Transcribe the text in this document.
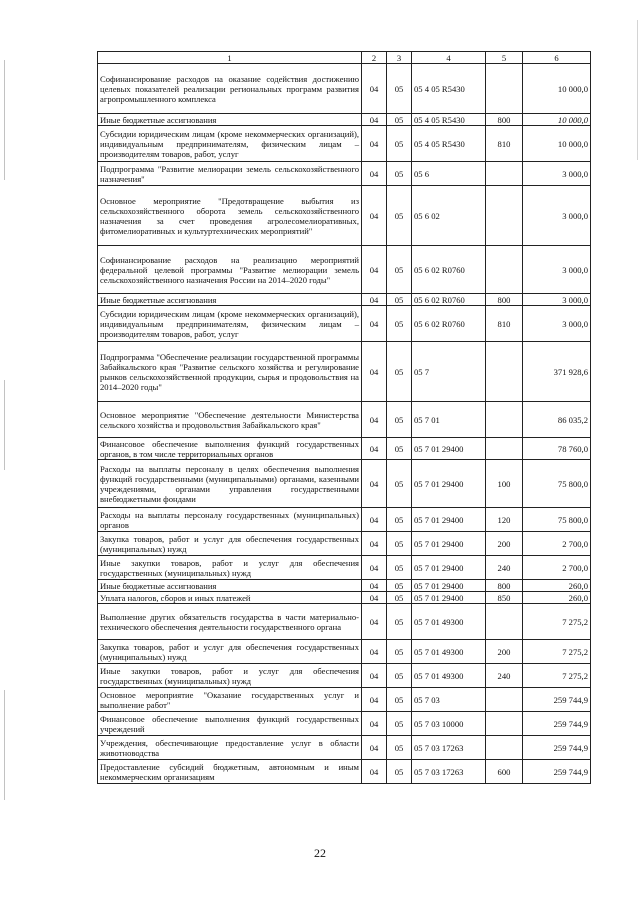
1	2	3	4	5	6
Софинансирование расходов на оказание содействия достижению целевых показателей реализации региональных программ развития агропромышленного комплекса	04	05	05 4 05 R5430		10 000,0
Иные бюджетные ассигнования	04	05	05 4 05 R5430	800	10 000,0
Субсидии юридическим лицам (кроме некоммерческих организаций), индивидуальным предпринимателям, физическим лицам – производителям товаров, работ, услуг	04	05	05 4 05 R5430	810	10 000,0
Подпрограмма "Развитие мелиорации земель сельскохозяйственного назначения"	04	05	05 6		3 000,0
Основное мероприятие "Предотвращение выбытия из сельскохозяйственного оборота земель сельскохозяйственного назначения за счет проведения агролесомелиоративных, фитомелиоративных и культуртехнических мероприятий"	04	05	05 6 02		3 000,0
Софинансирование расходов на реализацию мероприятий федеральной целевой программы "Развитие мелиорации земель сельскохозяйственного назначения России на 2014–2020 годы"	04	05	05 6 02 R0760		3 000,0
Иные бюджетные ассигнования	04	05	05 6 02 R0760	800	3 000,0
Субсидии юридическим лицам (кроме некоммерческих организаций), индивидуальным предпринимателям, физическим лицам – производителям товаров, работ, услуг	04	05	05 6 02 R0760	810	3 000,0
Подпрограмма "Обеспечение реализации государственной программы Забайкальского края "Развитие сельского хозяйства и регулирование рынков сельскохозяйственной продукции, сырья и продовольствия на 2014–2020 годы"	04	05	05 7		371 928,6
Основное мероприятие "Обеспечение деятельности Министерства сельского хозяйства и продовольствия Забайкальского края"	04	05	05 7 01		86 035,2
Финансовое обеспечение выполнения функций государственных органов, в том числе территориальных органов	04	05	05 7 01 29400		78 760,0
Расходы на выплаты персоналу в целях обеспечения выполнения функций государственными (муниципальными) органами, казенными учреждениями, органами управления государственными внебюджетными фондами	04	05	05 7 01 29400	100	75 800,0
Расходы на выплаты персоналу государственных (муниципальных) органов	04	05	05 7 01 29400	120	75 800,0
Закупка товаров, работ и услуг для обеспечения государственных (муниципальных) нужд	04	05	05 7 01 29400	200	2 700,0
Иные закупки товаров, работ и услуг для обеспечения государственных (муниципальных) нужд	04	05	05 7 01 29400	240	2 700,0
Иные бюджетные ассигнования	04	05	05 7 01 29400	800	260,0
Уплата налогов, сборов и иных платежей	04	05	05 7 01 29400	850	260,0
Выполнение других обязательств государства в части материально-технического обеспечения деятельности государственного органа	04	05	05 7 01 49300		7 275,2
Закупка товаров, работ и услуг для обеспечения государственных (муниципальных) нужд	04	05	05 7 01 49300	200	7 275,2
Иные закупки товаров, работ и услуг для обеспечения государственных (муниципальных) нужд	04	05	05 7 01 49300	240	7 275,2
Основное мероприятие "Оказание государственных услуг и выполнение работ"	04	05	05 7 03		259 744,9
Финансовое обеспечение выполнения функций государственных учреждений	04	05	05 7 03 10000		259 744,9
Учреждения, обеспечивающие предоставление услуг в области животноводства	04	05	05 7 03 17263		259 744,9
Предоставление субсидий бюджетным, автономным и иным некоммерческим организациям	04	05	05 7 03 17263	600	259 744,9
22
